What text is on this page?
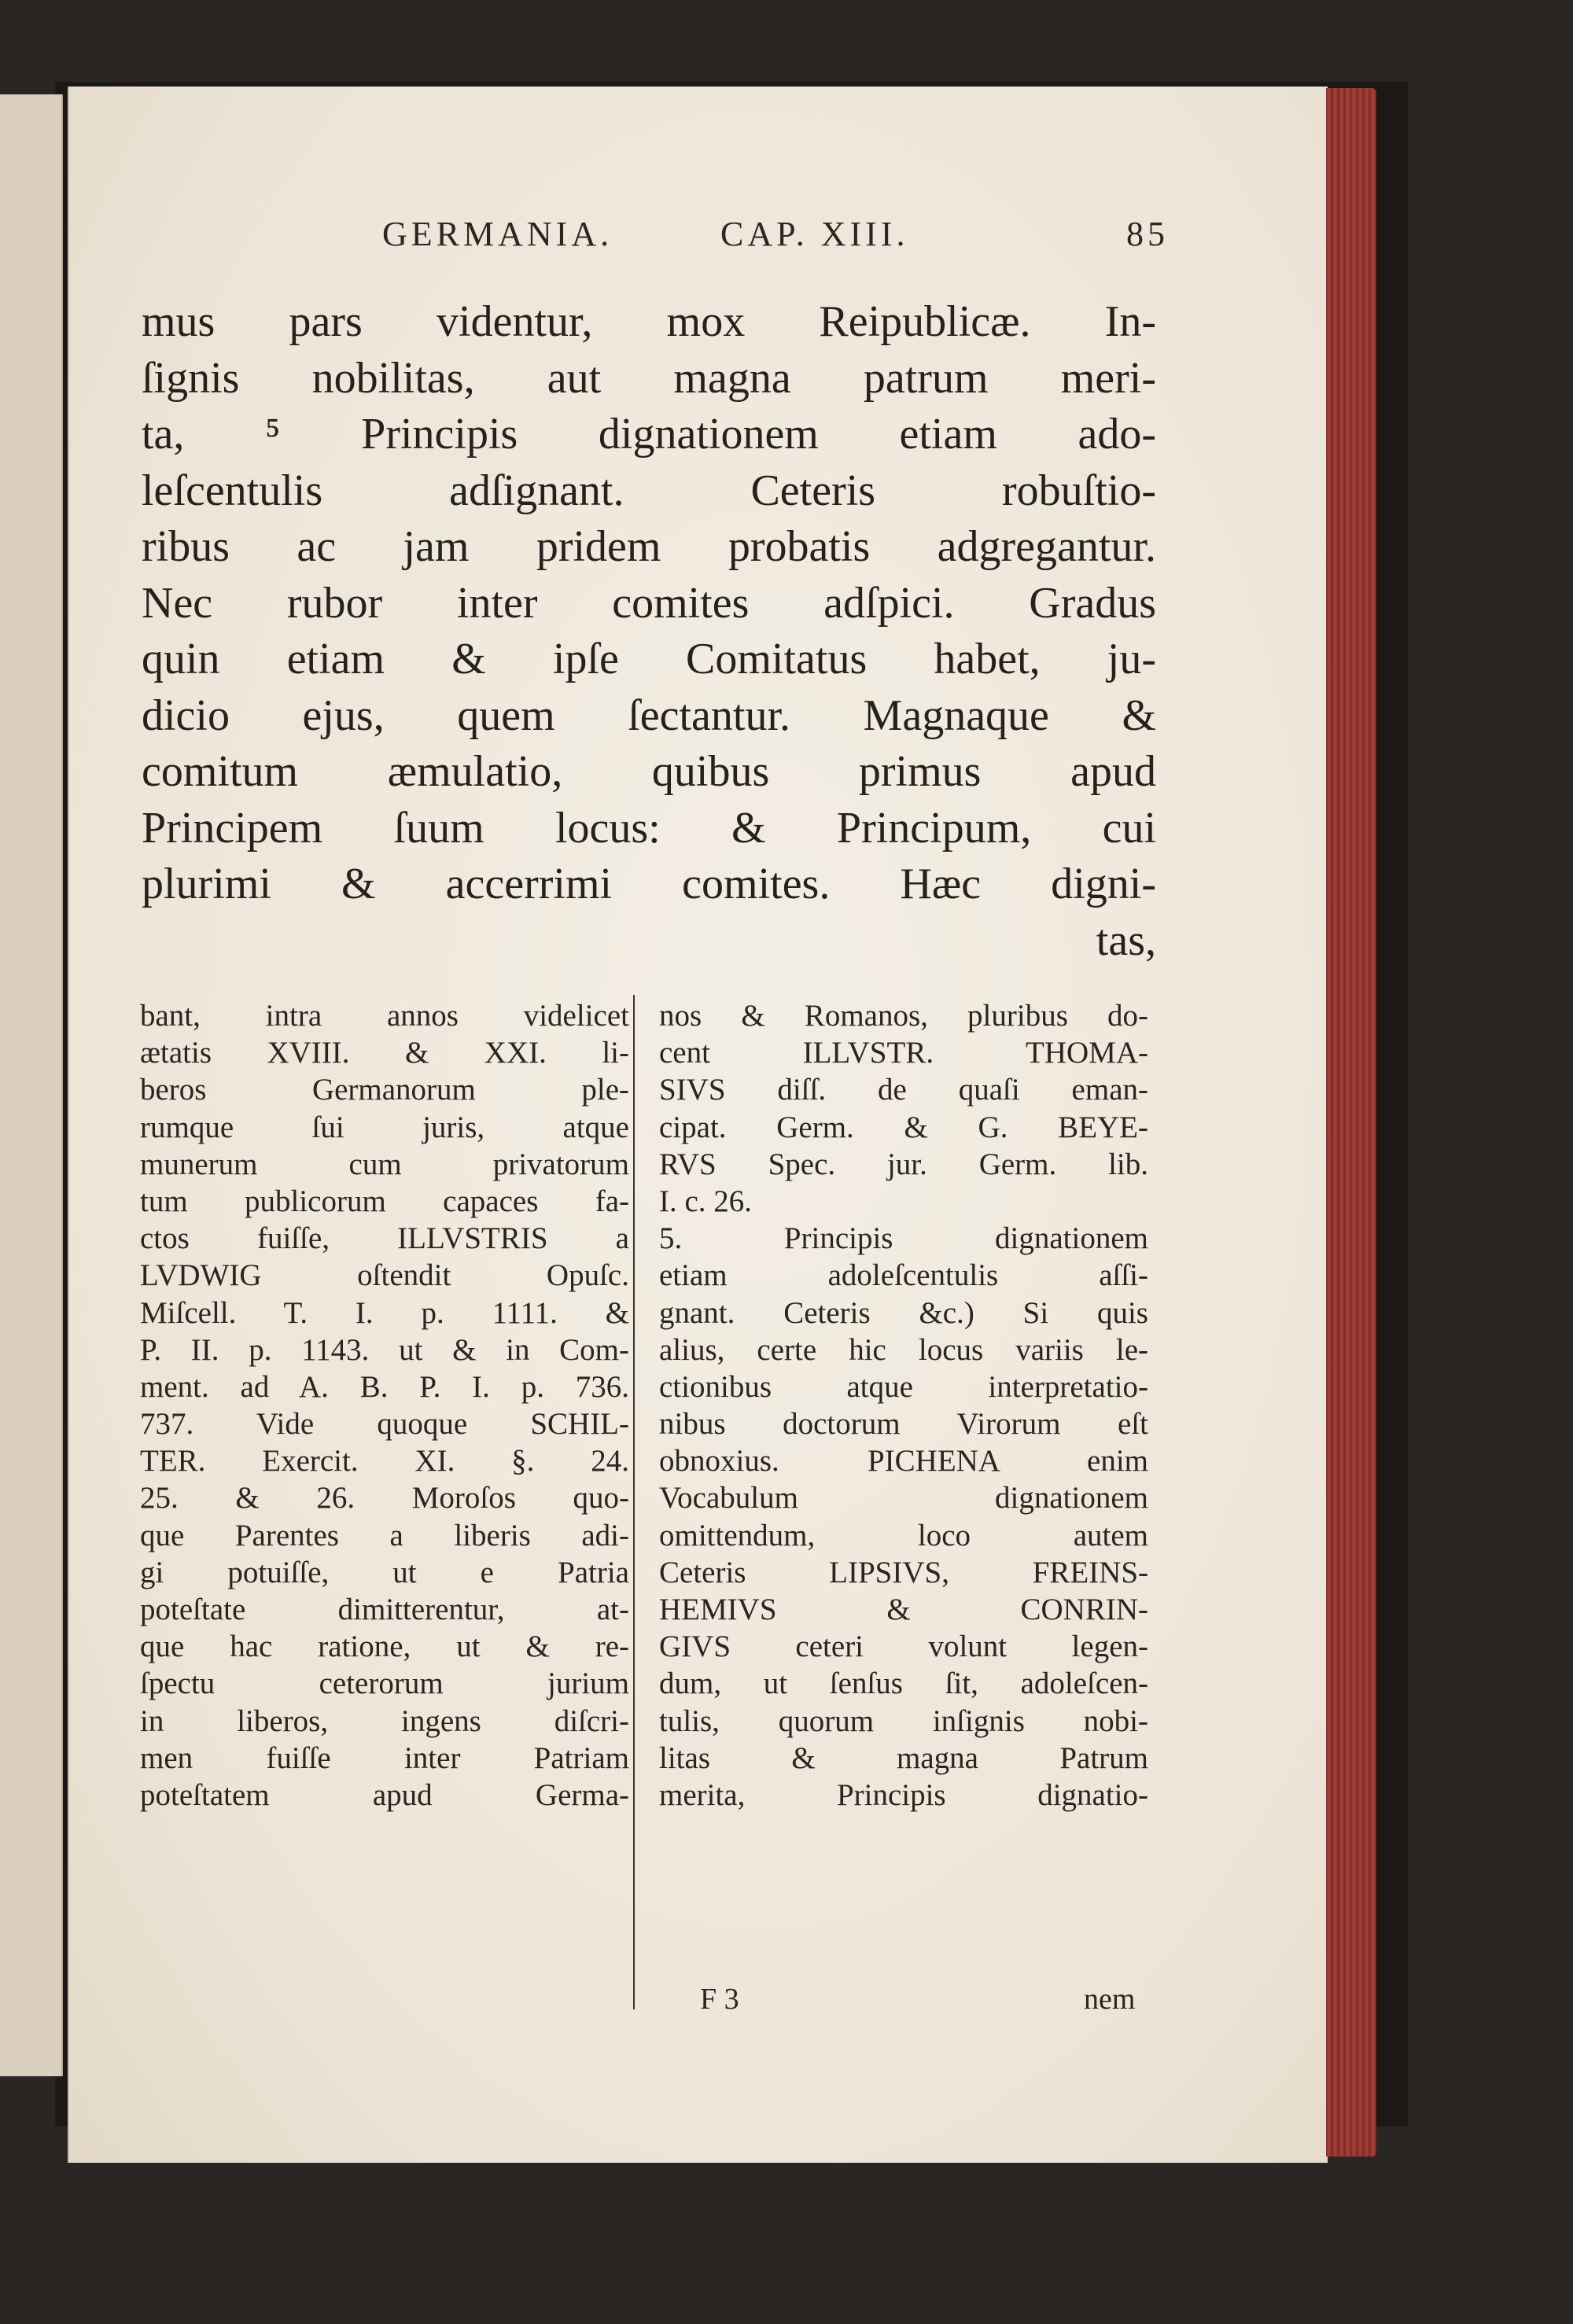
GERMANIA.	CAP. XIII.	85
mus pars videntur, mox Reipublicæ. In-
ſignis nobilitas, aut magna patrum meri-
ta, ⁵ Principis dignationem etiam ado-
leſcentulis adſignant. Ceteris robuſtio-
ribus ac jam pridem probatis adgregantur.
Nec rubor inter comites adſpici. Gradus
quin etiam & ipſe Comitatus habet, ju-
dicio ejus, quem ſectantur. Magnaque &
comitum æmulatio, quibus primus apud
Principem ſuum locus: & Principum, cui
plurimi & accerrimi comites. Hæc digni-
tas,
bant, intra annos videlicet
ætatis XVIII. & XXI. li-
beros Germanorum ple-
rumque ſui juris, atque
munerum cum privatorum
tum publicorum capaces fa-
ctos fuiſſe, ILLVSTRIS a
LVDWIG oſtendit Opuſc.
Miſcell. T. I. p. 1111. &
P. II. p. 1143. ut & in Com-
ment. ad A. B. P. I. p. 736.
737. Vide quoque SCHIL-
TER. Exercit. XI. §. 24.
25. & 26. Moroſos quo-
que Parentes a liberis adi-
gi potuiſſe, ut e Patria
poteſtate dimitterentur, at-
que hac ratione, ut & re-
ſpectu ceterorum jurium
in liberos, ingens diſcri-
men fuiſſe inter Patriam
poteſtatem apud Germa-
nos & Romanos, pluribus do-
cent ILLVSTR. THOMA-
SIVS diſſ. de quaſi eman-
cipat. Germ. & G. BEYE-
RVS Spec. jur. Germ. lib.
I. c. 26.
5. Principis dignationem
etiam adoleſcentulis aſſi-
gnant. Ceteris &c.) Si quis
alius, certe hic locus variis le-
ctionibus atque interpretatio-
nibus doctorum Virorum eſt
obnoxius. PICHENA enim
Vocabulum dignationem
omittendum, loco autem
Ceteris LIPSIVS, FREINS-
HEMIVS & CONRIN-
GIVS ceteri volunt legen-
dum, ut ſenſus ſit, adoleſcen-
tulis, quorum inſignis nobi-
litas & magna Patrum
merita, Principis dignatio-
F 3	nem
